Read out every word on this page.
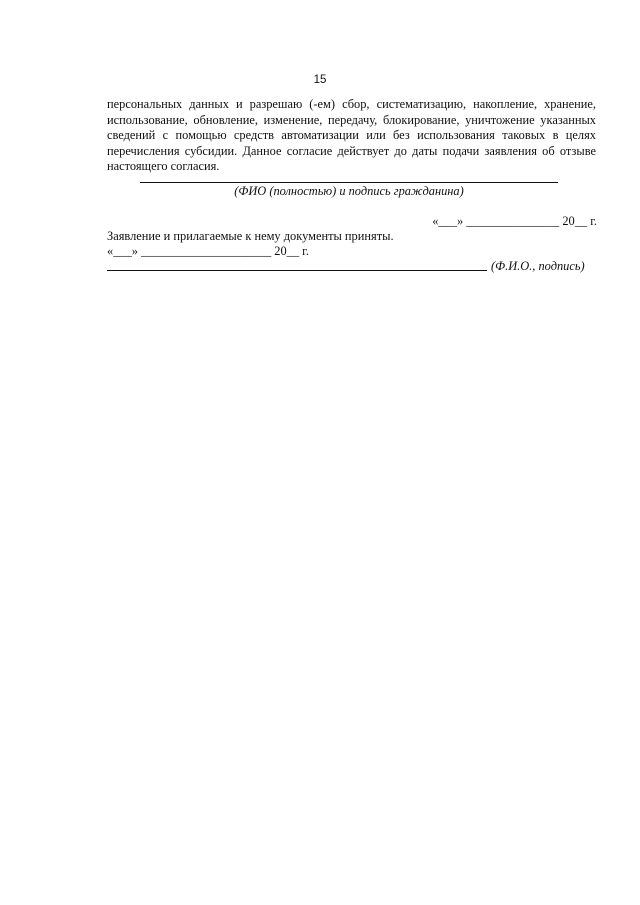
15

персональных данных и разрешаю (-ем) сбор, систематизацию, накопление, хранение, использование, обновление, изменение, передачу, блокирование, уничтожение указанных сведений с помощью средств автоматизации или без использования таковых в целях перечисления субсидии. Данное согласие действует до даты подачи заявления об отзыве настоящего согласия.

(ФИО (полностью) и подпись гражданина)
«___» _______________ 20__ г.
Заявление и прилагаемые к нему документы приняты.
«___» _____________________ 20__ г.
(Ф.И.О., подпись)
